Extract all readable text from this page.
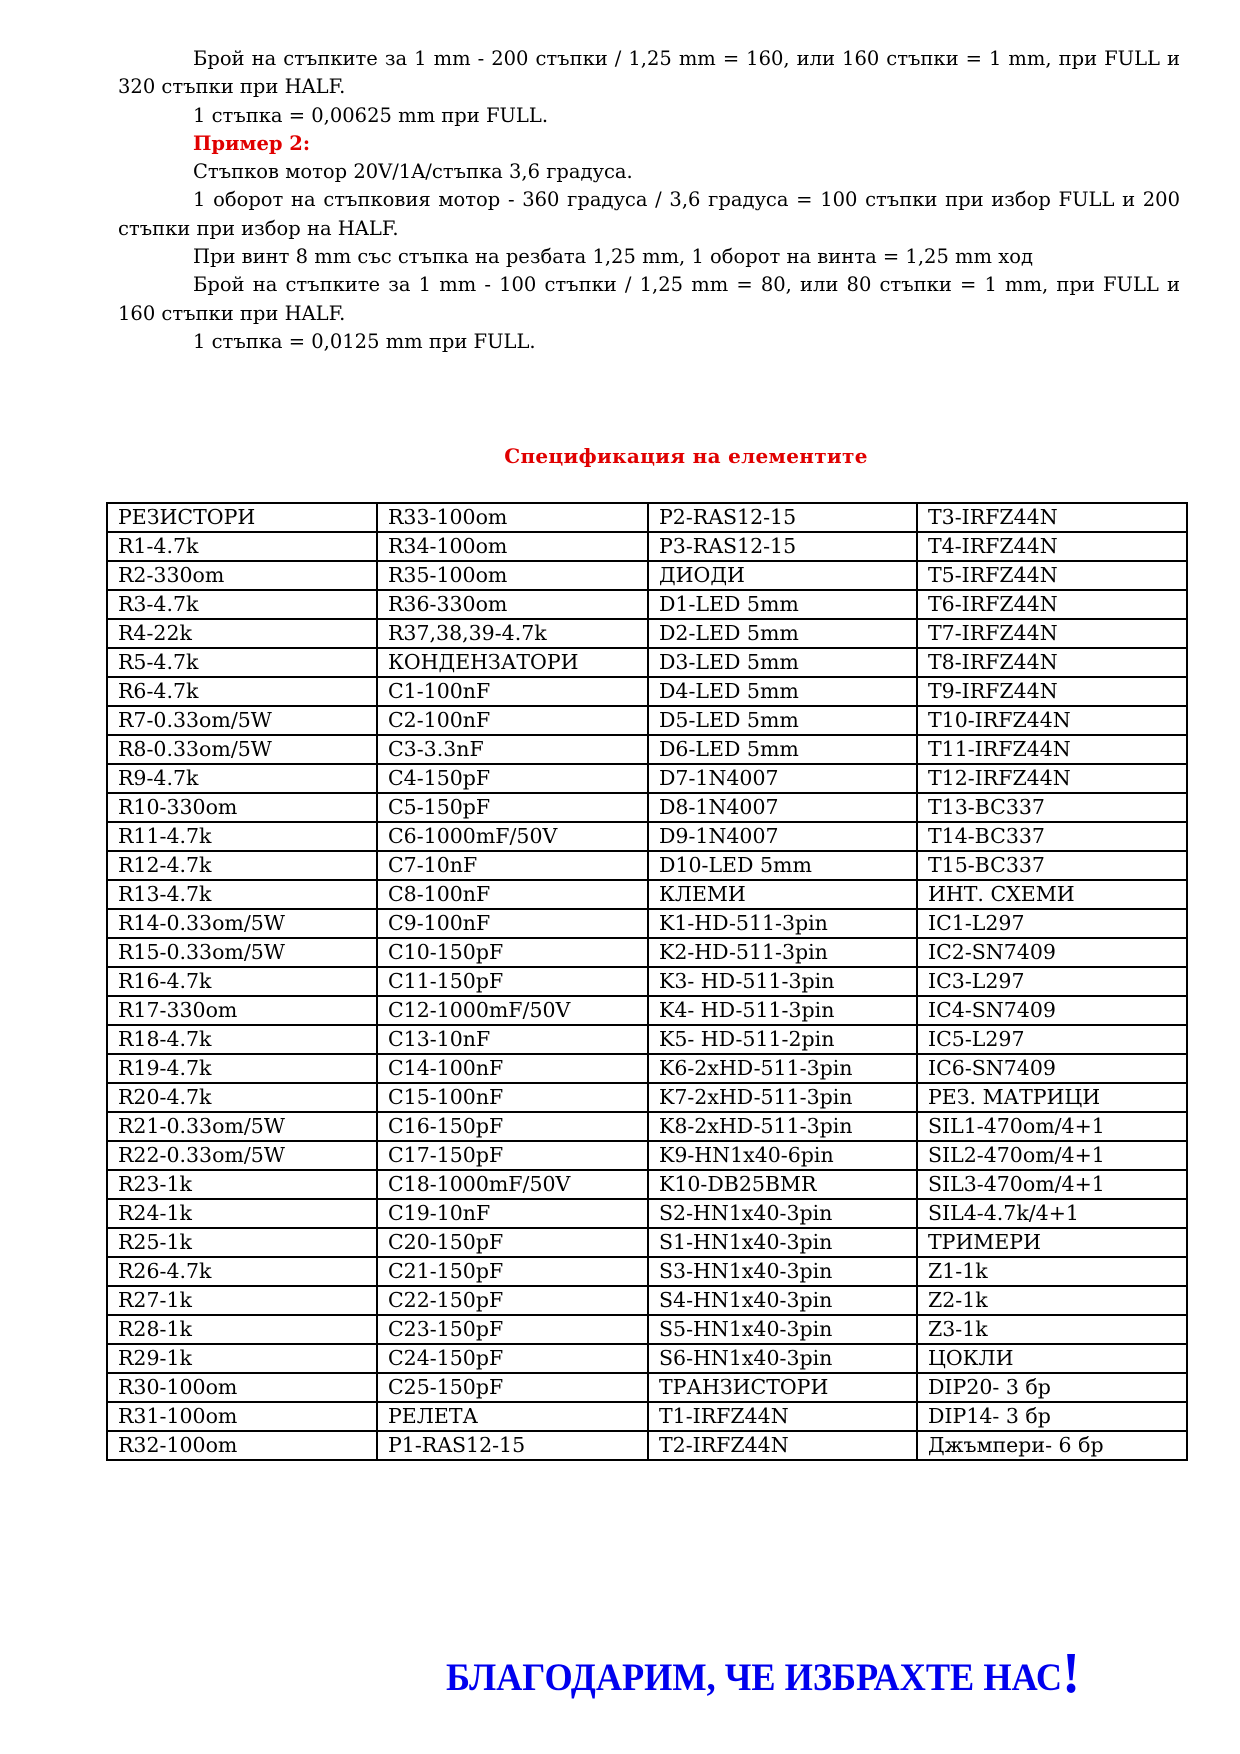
Брой на стъпките за 1 mm - 200 стъпки / 1,25 mm = 160, или 160 стъпки = 1 mm, при FULL и 320 стъпки при HALF.

1 стъпка = 0,00625 mm при FULL.

Пример 2:

Стъпков мотор 20V/1A/стъпка 3,6 градуса.

1 оборот на стъпковия мотор - 360 градуса / 3,6 градуса = 100 стъпки при избор FULL и 200 стъпки при избор на HALF.

При винт 8 mm със стъпка на резбата 1,25 mm, 1 оборот на винта = 1,25 mm ход

Брой на стъпките за 1 mm - 100 стъпки / 1,25 mm = 80, или 80 стъпки = 1 mm, при FULL и 160 стъпки при HALF.

1 стъпка = 0,0125 mm при FULL.

Спецификация на елементите
РЕЗИСТОРИ	R33-100om	P2-RAS12-15	T3-IRFZ44N
R1-4.7k	R34-100om	P3-RAS12-15	T4-IRFZ44N
R2-330om	R35-100om	ДИОДИ	T5-IRFZ44N
R3-4.7k	R36-330om	D1-LED 5mm	T6-IRFZ44N
R4-22k	R37,38,39-4.7k	D2-LED 5mm	T7-IRFZ44N
R5-4.7k	КОНДЕНЗАТОРИ	D3-LED 5mm	T8-IRFZ44N
R6-4.7k	C1-100nF	D4-LED 5mm	T9-IRFZ44N
R7-0.33om/5W	C2-100nF	D5-LED 5mm	T10-IRFZ44N
R8-0.33om/5W	C3-3.3nF	D6-LED 5mm	T11-IRFZ44N
R9-4.7k	C4-150pF	D7-1N4007	T12-IRFZ44N
R10-330om	C5-150pF	D8-1N4007	T13-BC337
R11-4.7k	C6-1000mF/50V	D9-1N4007	T14-BC337
R12-4.7k	C7-10nF	D10-LED 5mm	T15-BC337
R13-4.7k	C8-100nF	КЛЕМИ	ИНТ. СХЕМИ
R14-0.33om/5W	C9-100nF	K1-HD-511-3pin	IC1-L297
R15-0.33om/5W	C10-150pF	K2-HD-511-3pin	IC2-SN7409
R16-4.7k	C11-150pF	K3- HD-511-3pin	IC3-L297
R17-330om	C12-1000mF/50V	K4- HD-511-3pin	IC4-SN7409
R18-4.7k	C13-10nF	K5- HD-511-2pin	IC5-L297
R19-4.7k	C14-100nF	K6-2xHD-511-3pin	IC6-SN7409
R20-4.7k	C15-100nF	K7-2xHD-511-3pin	РЕЗ. МАТРИЦИ
R21-0.33om/5W	C16-150pF	K8-2xHD-511-3pin	SIL1-470om/4+1
R22-0.33om/5W	C17-150pF	K9-HN1x40-6pin	SIL2-470om/4+1
R23-1k	C18-1000mF/50V	K10-DB25BMR	SIL3-470om/4+1
R24-1k	C19-10nF	S2-HN1x40-3pin	SIL4-4.7k/4+1
R25-1k	C20-150pF	S1-HN1x40-3pin	ТРИМЕРИ
R26-4.7k	C21-150pF	S3-HN1x40-3pin	Z1-1k
R27-1k	C22-150pF	S4-HN1x40-3pin	Z2-1k
R28-1k	C23-150pF	S5-HN1x40-3pin	Z3-1k
R29-1k	C24-150pF	S6-HN1x40-3pin	ЦОКЛИ
R30-100om	C25-150pF	ТРАНЗИСТОРИ	DIP20- 3 бр
R31-100om	РЕЛЕТА	T1-IRFZ44N	DIP14- 3 бр
R32-100om	P1-RAS12-15	T2-IRFZ44N	Джъмпери- 6 бр
БЛАГОДАРИМ, ЧЕ ИЗБРАХТЕ НАС!
